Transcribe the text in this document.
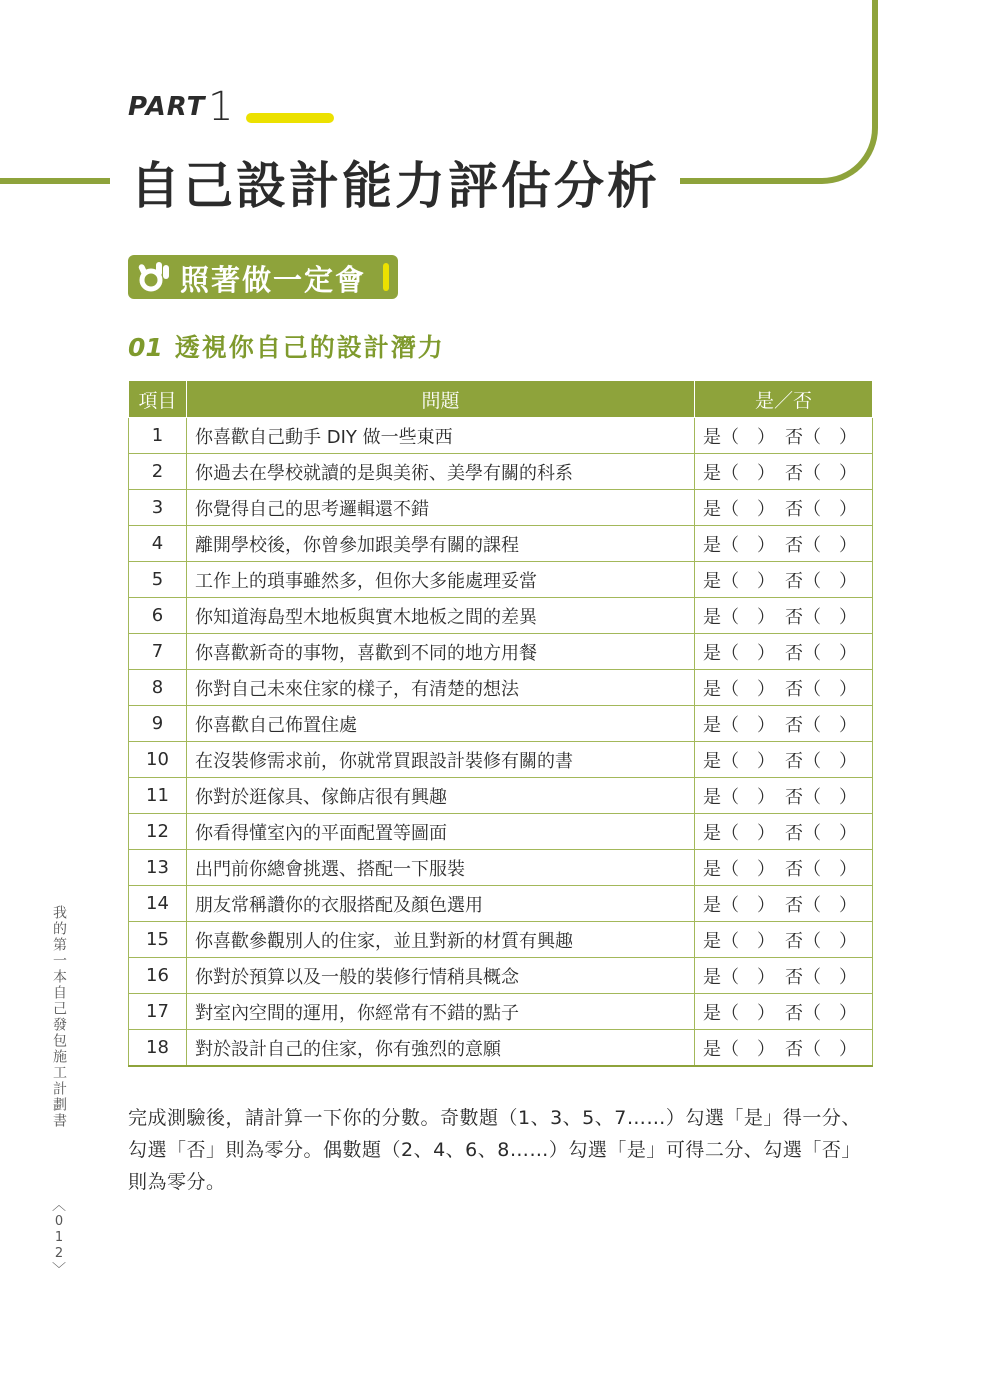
PART 1
自己設計能力評估分析
照著做一定會
01 透視你自己的設計潛力
項目	問題	是／否
1	你喜歡自己動手 DIY 做一些東西	是（　） 否（　）
2	你過去在學校就讀的是與美術、美學有關的科系	是（　） 否（　）
3	你覺得自己的思考邏輯還不錯	是（　） 否（　）
4	離開學校後，你曾參加跟美學有關的課程	是（　） 否（　）
5	工作上的瑣事雖然多，但你大多能處理妥當	是（　） 否（　）
6	你知道海島型木地板與實木地板之間的差異	是（　） 否（　）
7	你喜歡新奇的事物，喜歡到不同的地方用餐	是（　） 否（　）
8	你對自己未來住家的樣子，有清楚的想法	是（　） 否（　）
9	你喜歡自己佈置住處	是（　） 否（　）
10	在沒裝修需求前，你就常買跟設計裝修有關的書	是（　） 否（　）
11	你對於逛傢具、傢飾店很有興趣	是（　） 否（　）
12	你看得懂室內的平面配置等圖面	是（　） 否（　）
13	出門前你總會挑選、搭配一下服裝	是（　） 否（　）
14	朋友常稱讚你的衣服搭配及顏色選用	是（　） 否（　）
15	你喜歡參觀別人的住家，並且對新的材質有興趣	是（　） 否（　）
16	你對於預算以及一般的裝修行情稍具概念	是（　） 否（　）
17	對室內空間的運用，你經常有不錯的點子	是（　） 否（　）
18	對於設計自己的住家，你有強烈的意願	是（　） 否（　）
完成測驗後，請計算一下你的分數。奇數題（1、3、5、7……）勾選「是」得一分、勾選「否」則為零分。偶數題（2、4、6、8……）勾選「是」可得二分、勾選「否」則為零分。
我的第一本自己發包施工計劃書
︿
0
1
2
﹀
